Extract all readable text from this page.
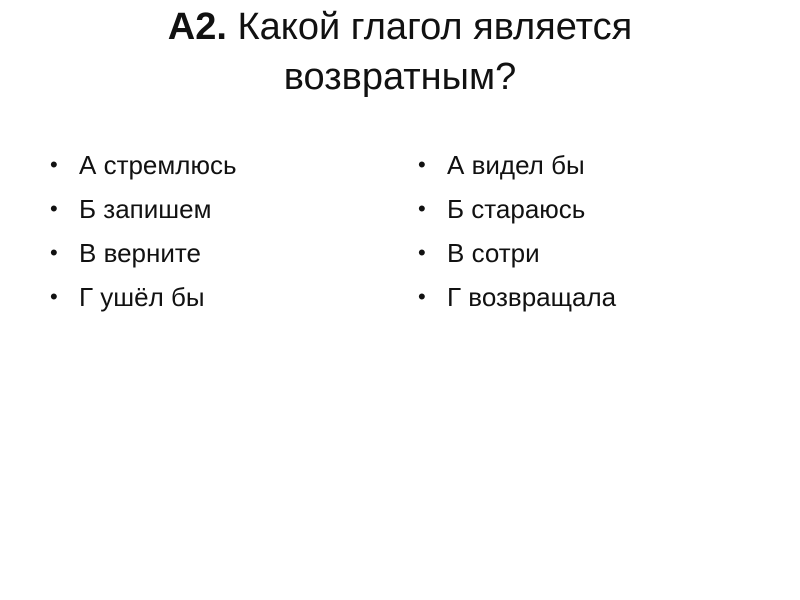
А2. Какой глагол является возвратным?
• А стремлюсь
• Б запишем
• В верните
• Г ушёл бы
• А видел бы
• Б стараюсь
• В сотри
• Г возвращала
